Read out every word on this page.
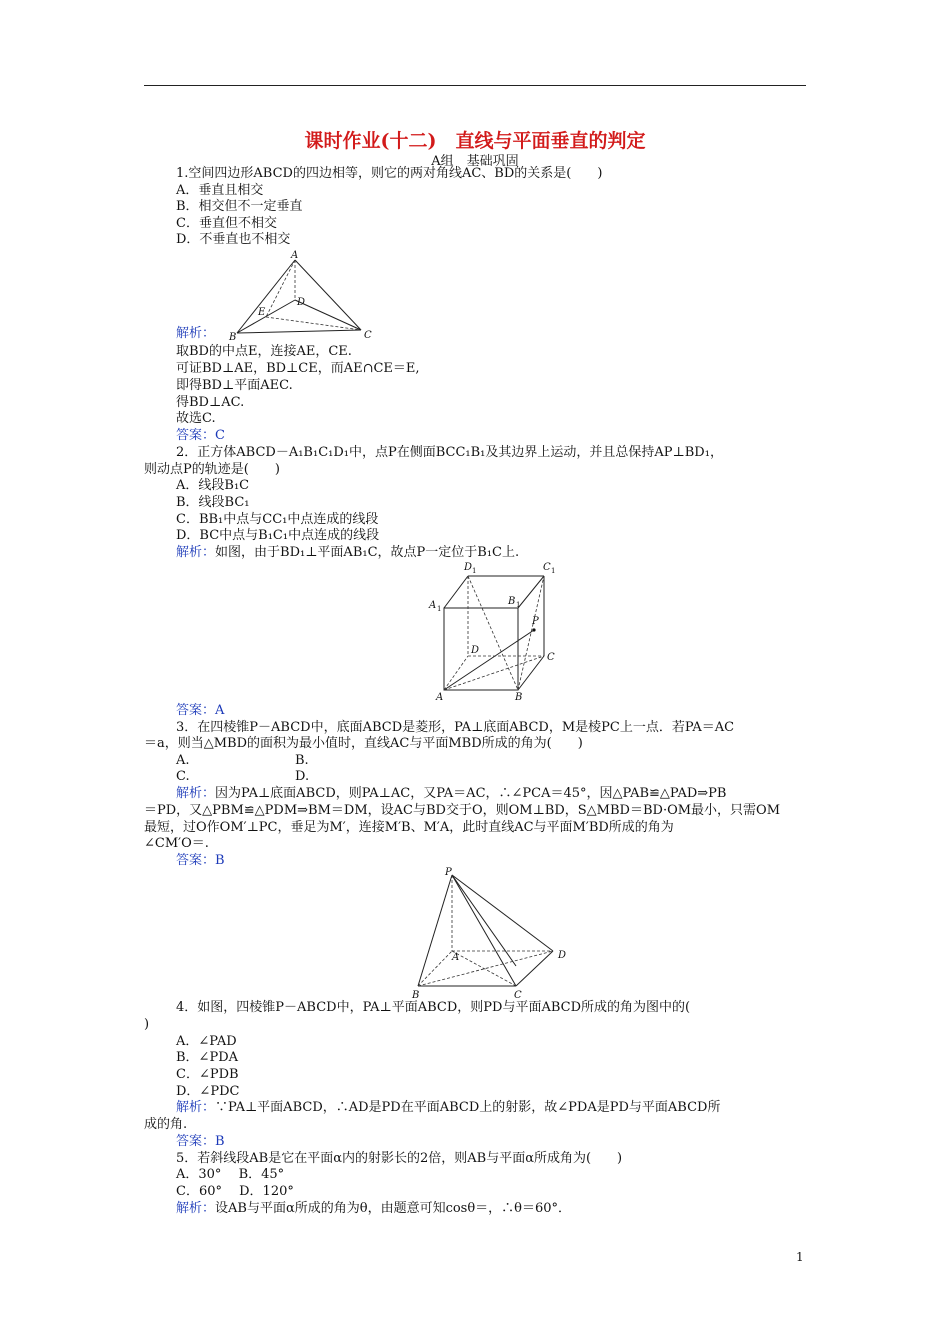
课时作业(十二)　直线与平面垂直的判定
A组　基础巩固
1.空间四边形ABCD的四边相等，则它的两对角线AC、BD的关系是(　　)
A．垂直且相交
B．相交但不一定垂直
C．垂直但不相交
D．不垂直也不相交
A
B	C
D
E
解析：
取BD的中点E，连接AE，CE.
可证BD⊥AE，BD⊥CE，而AE∩CE＝E,
即得BD⊥平面AEC.
得BD⊥AC.
故选C.
答案：C
2．正方体ABCD－A₁B₁C₁D₁中，点P在侧面BCC₁B₁及其边界上运动，并且总保持AP⊥BD₁，
则动点P的轨迹是(　　)
A．线段B₁C
B．线段BC₁
C．BB₁中点与CC₁中点连成的线段
D．BC中点与B₁C₁中点连成的线段
解析：如图，由于BD₁⊥平面AB₁C，故点P一定位于B₁C上.
D 1	C 1
A 1
B 1
P
D
C
A	B
答案：A
3．在四棱锥P－ABCD中，底面ABCD是菱形，PA⊥底面ABCD，M是棱PC上一点．若PA＝AC
＝a，则当△MBD的面积为最小值时，直线AC与平面MBD所成的角为(　　)
A.	B.
C.	D.
解析：因为PA⊥底面ABCD，则PA⊥AC，又PA＝AC，∴∠PCA＝45°，因△PAB≌△PAD⇒PB
＝PD，又△PBM≌△PDM⇒BM＝DM，设AC与BD交于O，则OM⊥BD，S△MBD＝BD·OM最小，只需OM
最短，过O作OM′⊥PC，垂足为M′，连接M′B、M′A，此时直线AC与平面M′BD所成的角为
∠CM′O＝.
答案：B
P
A	D
B	C
4．如图，四棱锥P－ABCD中，PA⊥平面ABCD，则PD与平面ABCD所成的角为图中的(
)
A．∠PAD
B．∠PDA
C．∠PDB
D．∠PDC
解析：∵PA⊥平面ABCD，∴AD是PD在平面ABCD上的射影，故∠PDA是PD与平面ABCD所
成的角.
答案：B
5．若斜线段AB是它在平面α内的射影长的2倍，则AB与平面α所成角为(　　)
A．30°　 B．45°
C．60°　 D．120°
解析：设AB与平面α所成的角为θ，由题意可知cosθ＝，∴θ＝60°．
1
